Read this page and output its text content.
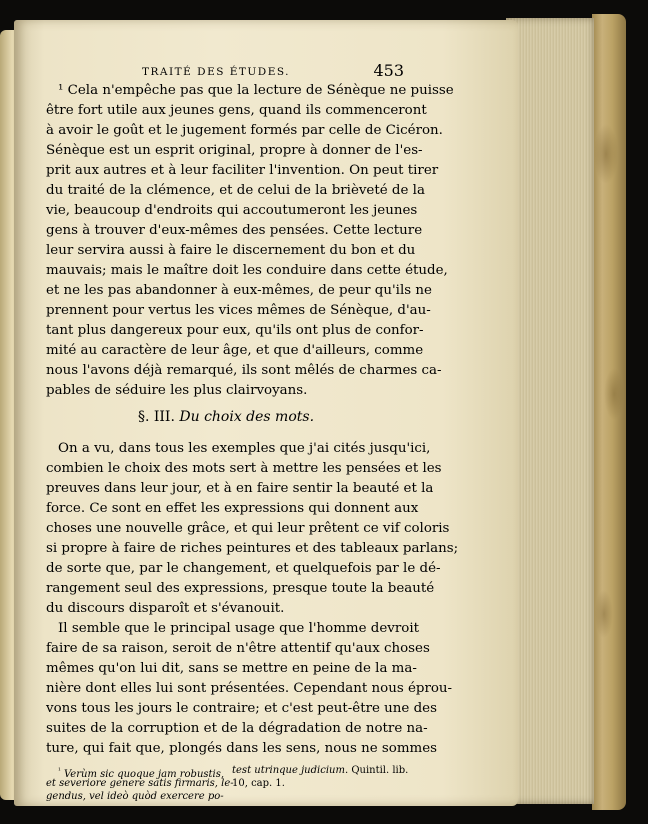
TRAITÉ DES ÉTUDES.	453
¹ Cela n'empêche pas que la lecture de Sénèque ne puisse
être fort utile aux jeunes gens, quand ils commenceront
à avoir le goût et le jugement formés par celle de Cicéron.
Sénèque est un esprit original, propre à donner de l'es-
prit aux autres et à leur faciliter l'invention. On peut tirer
du traité de la clémence, et de celui de la brièveté de la
vie, beaucoup d'endroits qui accoutumeront les jeunes
gens à trouver d'eux-mêmes des pensées. Cette lecture
leur servira aussi à faire le discernement du bon et du
mauvais; mais le maître doit les conduire dans cette étude,
et ne les pas abandonner à eux-mêmes, de peur qu'ils ne
prennent pour vertus les vices mêmes de Sénèque, d'au-
tant plus dangereux pour eux, qu'ils ont plus de confor-
mité au caractère de leur âge, et que d'ailleurs, comme
nous l'avons déjà remarqué, ils sont mêlés de charmes ca-
pables de séduire les plus clairvoyans.
§. III. Du choix des mots.
On a vu, dans tous les exemples que j'ai cités jusqu'ici,
combien le choix des mots sert à mettre les pensées et les
preuves dans leur jour, et à en faire sentir la beauté et la
force. Ce sont en effet les expressions qui donnent aux
choses une nouvelle grâce, et qui leur prêtent ce vif coloris
si propre à faire de riches peintures et des tableaux parlans;
de sorte que, par le changement, et quelquefois par le dé-
rangement seul des expressions, presque toute la beauté
du discours disparoît et s'évanouit.
Il semble que le principal usage que l'homme devroit
faire de sa raison, seroit de n'être attentif qu'aux choses
mêmes qu'on lui dit, sans se mettre en peine de la ma-
nière dont elles lui sont présentées. Cependant nous éprou-
vons tous les jours le contraire; et c'est peut-être une des
suites de la corruption et de la dégradation de notre na-
ture, qui fait que, plongés dans les sens, nous ne sommes
$^{^1}$ Verùm sic quoque jam robustis,
et severiore genere satis firmaris, le-
gendus, vel ideò quòd exercere po-
test utrinque judicium. Quintil. lib.
10, cap. 1.
